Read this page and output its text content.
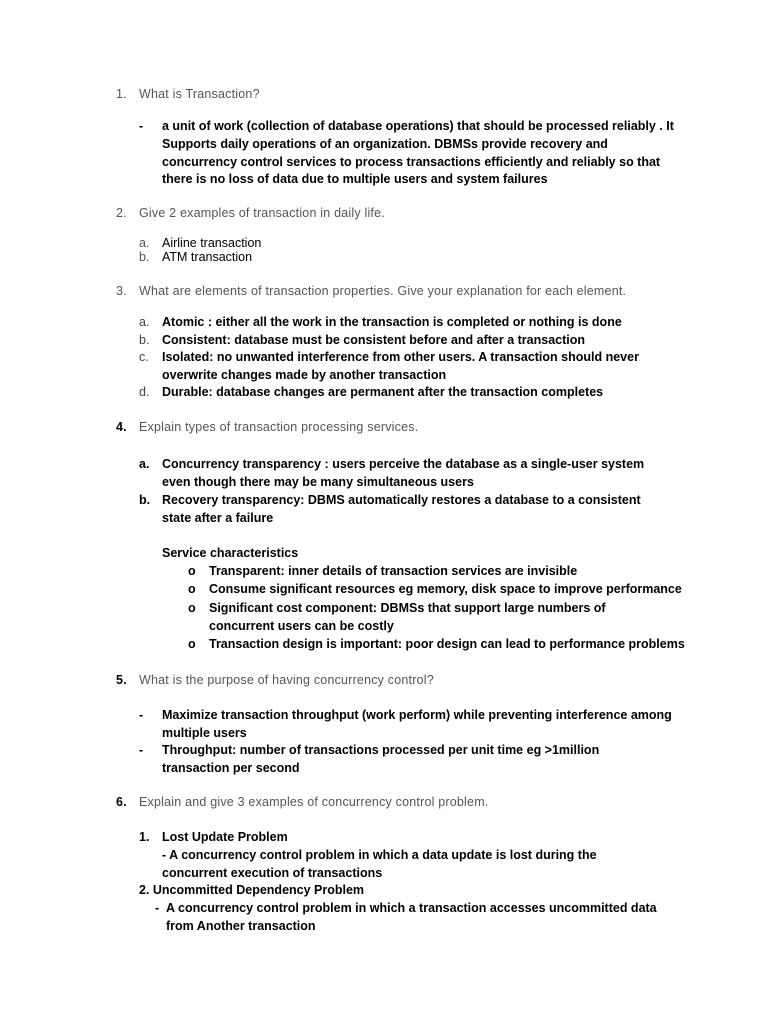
1. What is Transaction?
- a unit of work (collection of database operations) that should be processed reliably . It Supports daily operations of an organization. DBMSs provide recovery and concurrency control services to process transactions efficiently and reliably so that there is no loss of data due to multiple users and system failures
2. Give 2 examples of transaction in daily life.
a. Airline transaction
b. ATM transaction
3. What are elements of transaction properties. Give your explanation for each element.
a. Atomic : either all the work in the transaction is completed or nothing is done
b. Consistent: database must be consistent before and after a transaction
c. Isolated: no unwanted interference from other users. A transaction should never overwrite changes made by another transaction
d. Durable: database changes are permanent after the transaction completes
4. Explain types of transaction processing services.
a. Concurrency transparency : users perceive the database as a single-user system even though there may be many simultaneous users
b. Recovery transparency: DBMS automatically restores a database to a consistent state after a failure
Service characteristics
o Transparent: inner details of transaction services are invisible
o Consume significant resources eg memory, disk space to improve performance
o Significant cost component: DBMSs that support large numbers of concurrent users can be costly
o Transaction design is important: poor design can lead to performance problems
5. What is the purpose of having concurrency control?
- Maximize transaction throughput (work perform) while preventing interference among multiple users
- Throughput: number of transactions processed per unit time eg >1million transaction per second
6. Explain and give 3 examples of concurrency control problem.
1. Lost Update Problem
- A concurrency control problem in which a data update is lost during the concurrent execution of transactions
2. Uncommitted Dependency Problem
- A concurrency control problem in which a transaction accesses uncommitted data from Another transaction
